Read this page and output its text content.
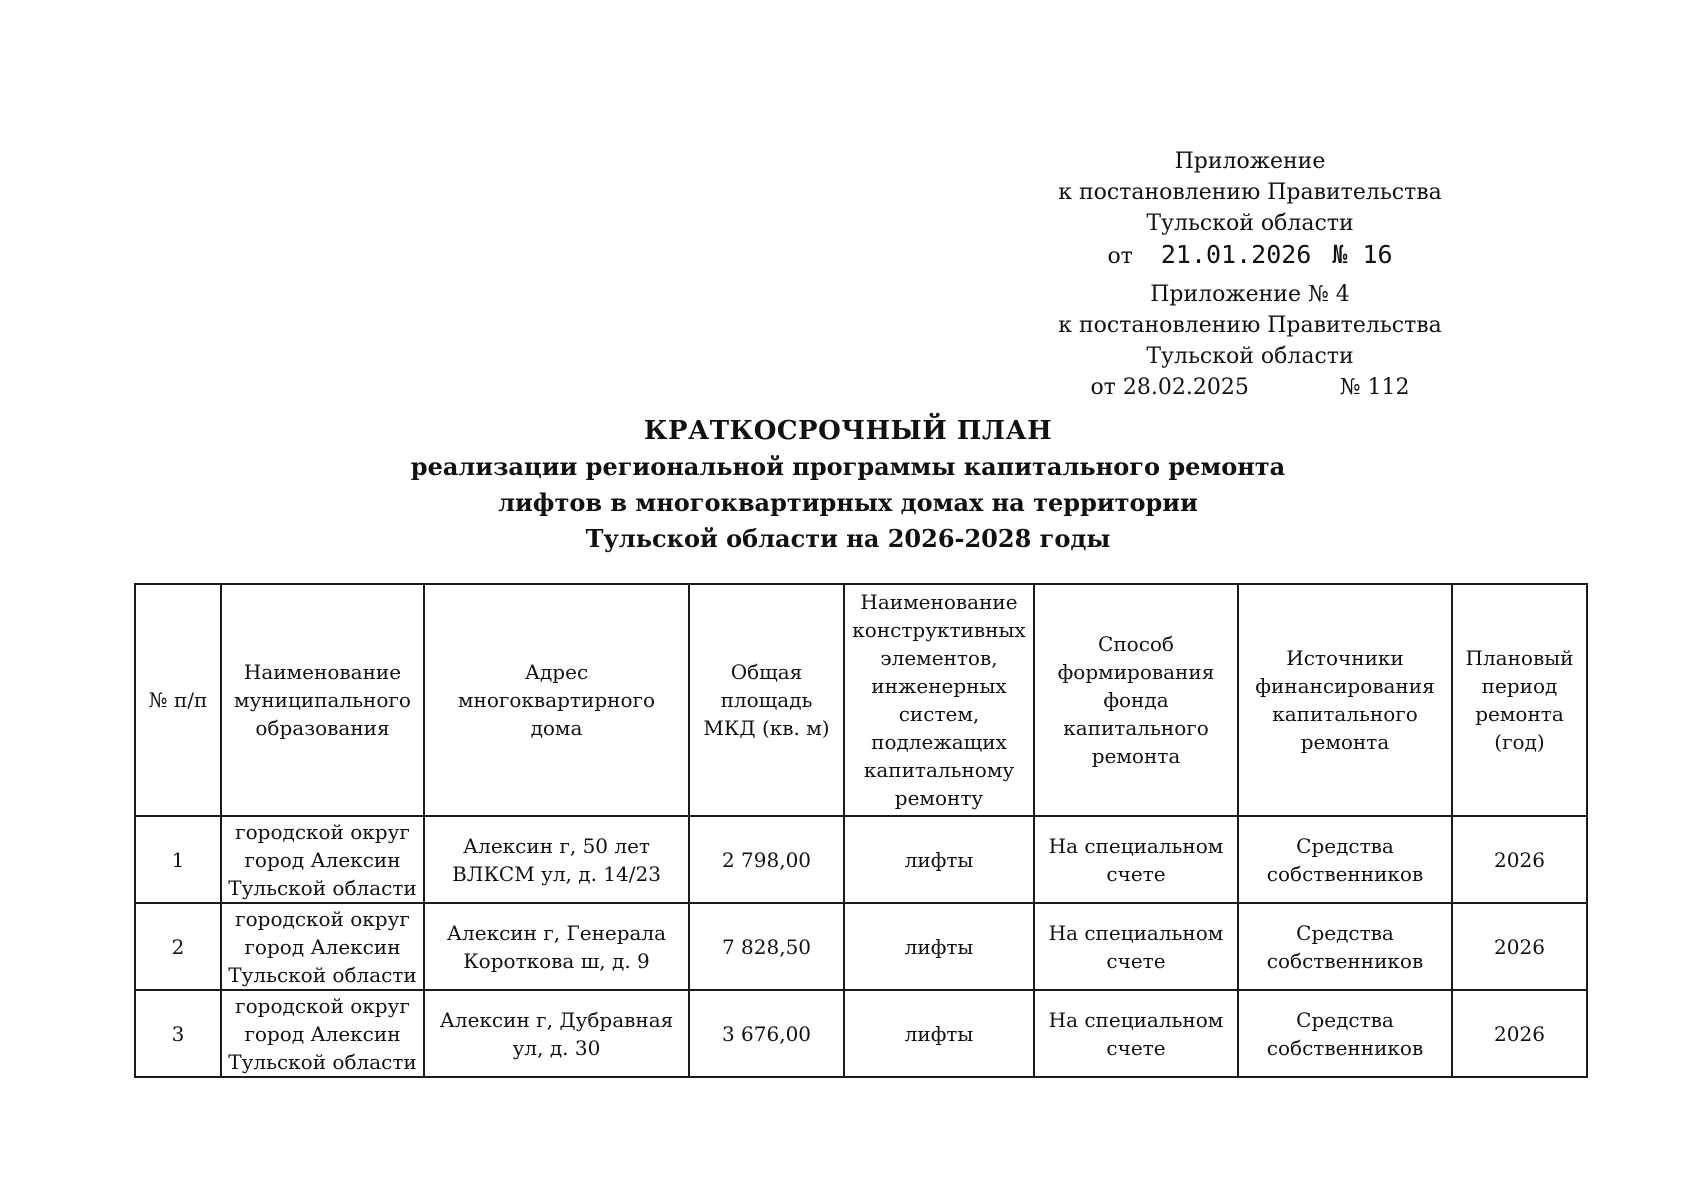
Приложение
к постановлению Правительства
Тульской области
от 21.01.2026 № 16
Приложение № 4
к постановлению Правительства
Тульской области
от 28.02.2025	№ 112
КРАТКОСРОЧНЫЙ ПЛАН
реализации региональной программы капитального ремонта
лифтов в многоквартирных домах на территории
Тульской области на 2026-2028 годы
№ п/п	Наименование муниципального образования	Адрес многоквартирного дома	Общая площадь МКД (кв. м)	Наименование конструктивных элементов, инженерных систем, подлежащих капитальному ремонту	Способ формирования фонда капитального ремонта	Источники финансирования капитального ремонта	Плановый период ремонта (год)
1	городской округ город Алексин Тульской области	Алексин г, 50 лет ВЛКСМ ул, д. 14/23	2 798,00	лифты	На специальном счете	Средства собственников	2026
2	городской округ город Алексин Тульской области	Алексин г, Генерала Короткова ш, д. 9	7 828,50	лифты	На специальном счете	Средства собственников	2026
3	городской округ город Алексин Тульской области	Алексин г, Дубравная ул, д. 30	3 676,00	лифты	На специальном счете	Средства собственников	2026
